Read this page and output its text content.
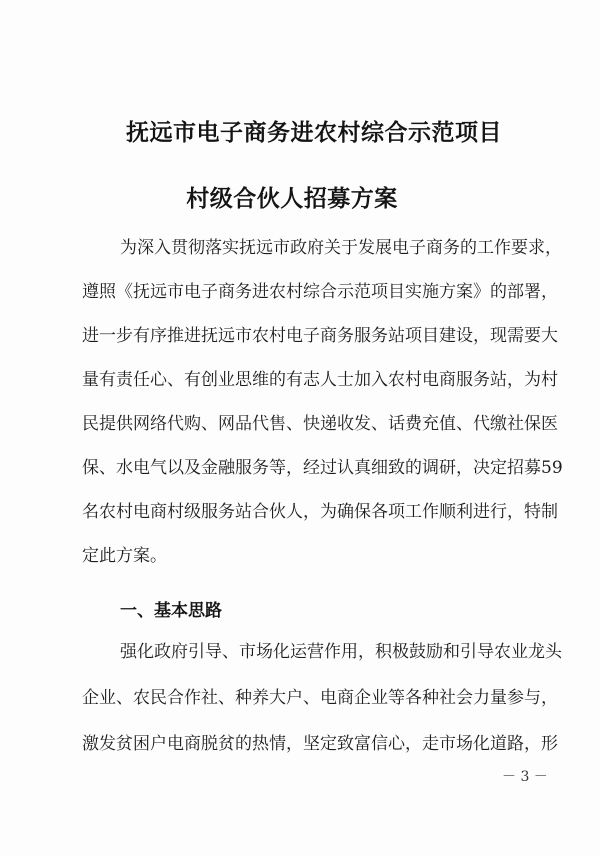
抚远市电子商务进农村综合示范项目
村级合伙人招募方案
为深入贯彻落实抚远市政府关于发展电子商务的工作要求，
遵照《抚远市电子商务进农村综合示范项目实施方案》的部署，
进一步有序推进抚远市农村电子商务服务站项目建设，现需要大
量有责任心、有创业思维的有志人士加入农村电商服务站，为村
民提供网络代购、网品代售、快递收发、话费充值、代缴社保医
保、水电气以及金融服务等，经过认真细致的调研，决定招募59
名农村电商村级服务站合伙人，为确保各项工作顺利进行，特制
定此方案。
一、基本思路
强化政府引导、市场化运营作用，积极鼓励和引导农业龙头
企业、农民合作社、种养大户、电商企业等各种社会力量参与，
激发贫困户电商脱贫的热情，坚定致富信心，走市场化道路，形
－ 3 －
